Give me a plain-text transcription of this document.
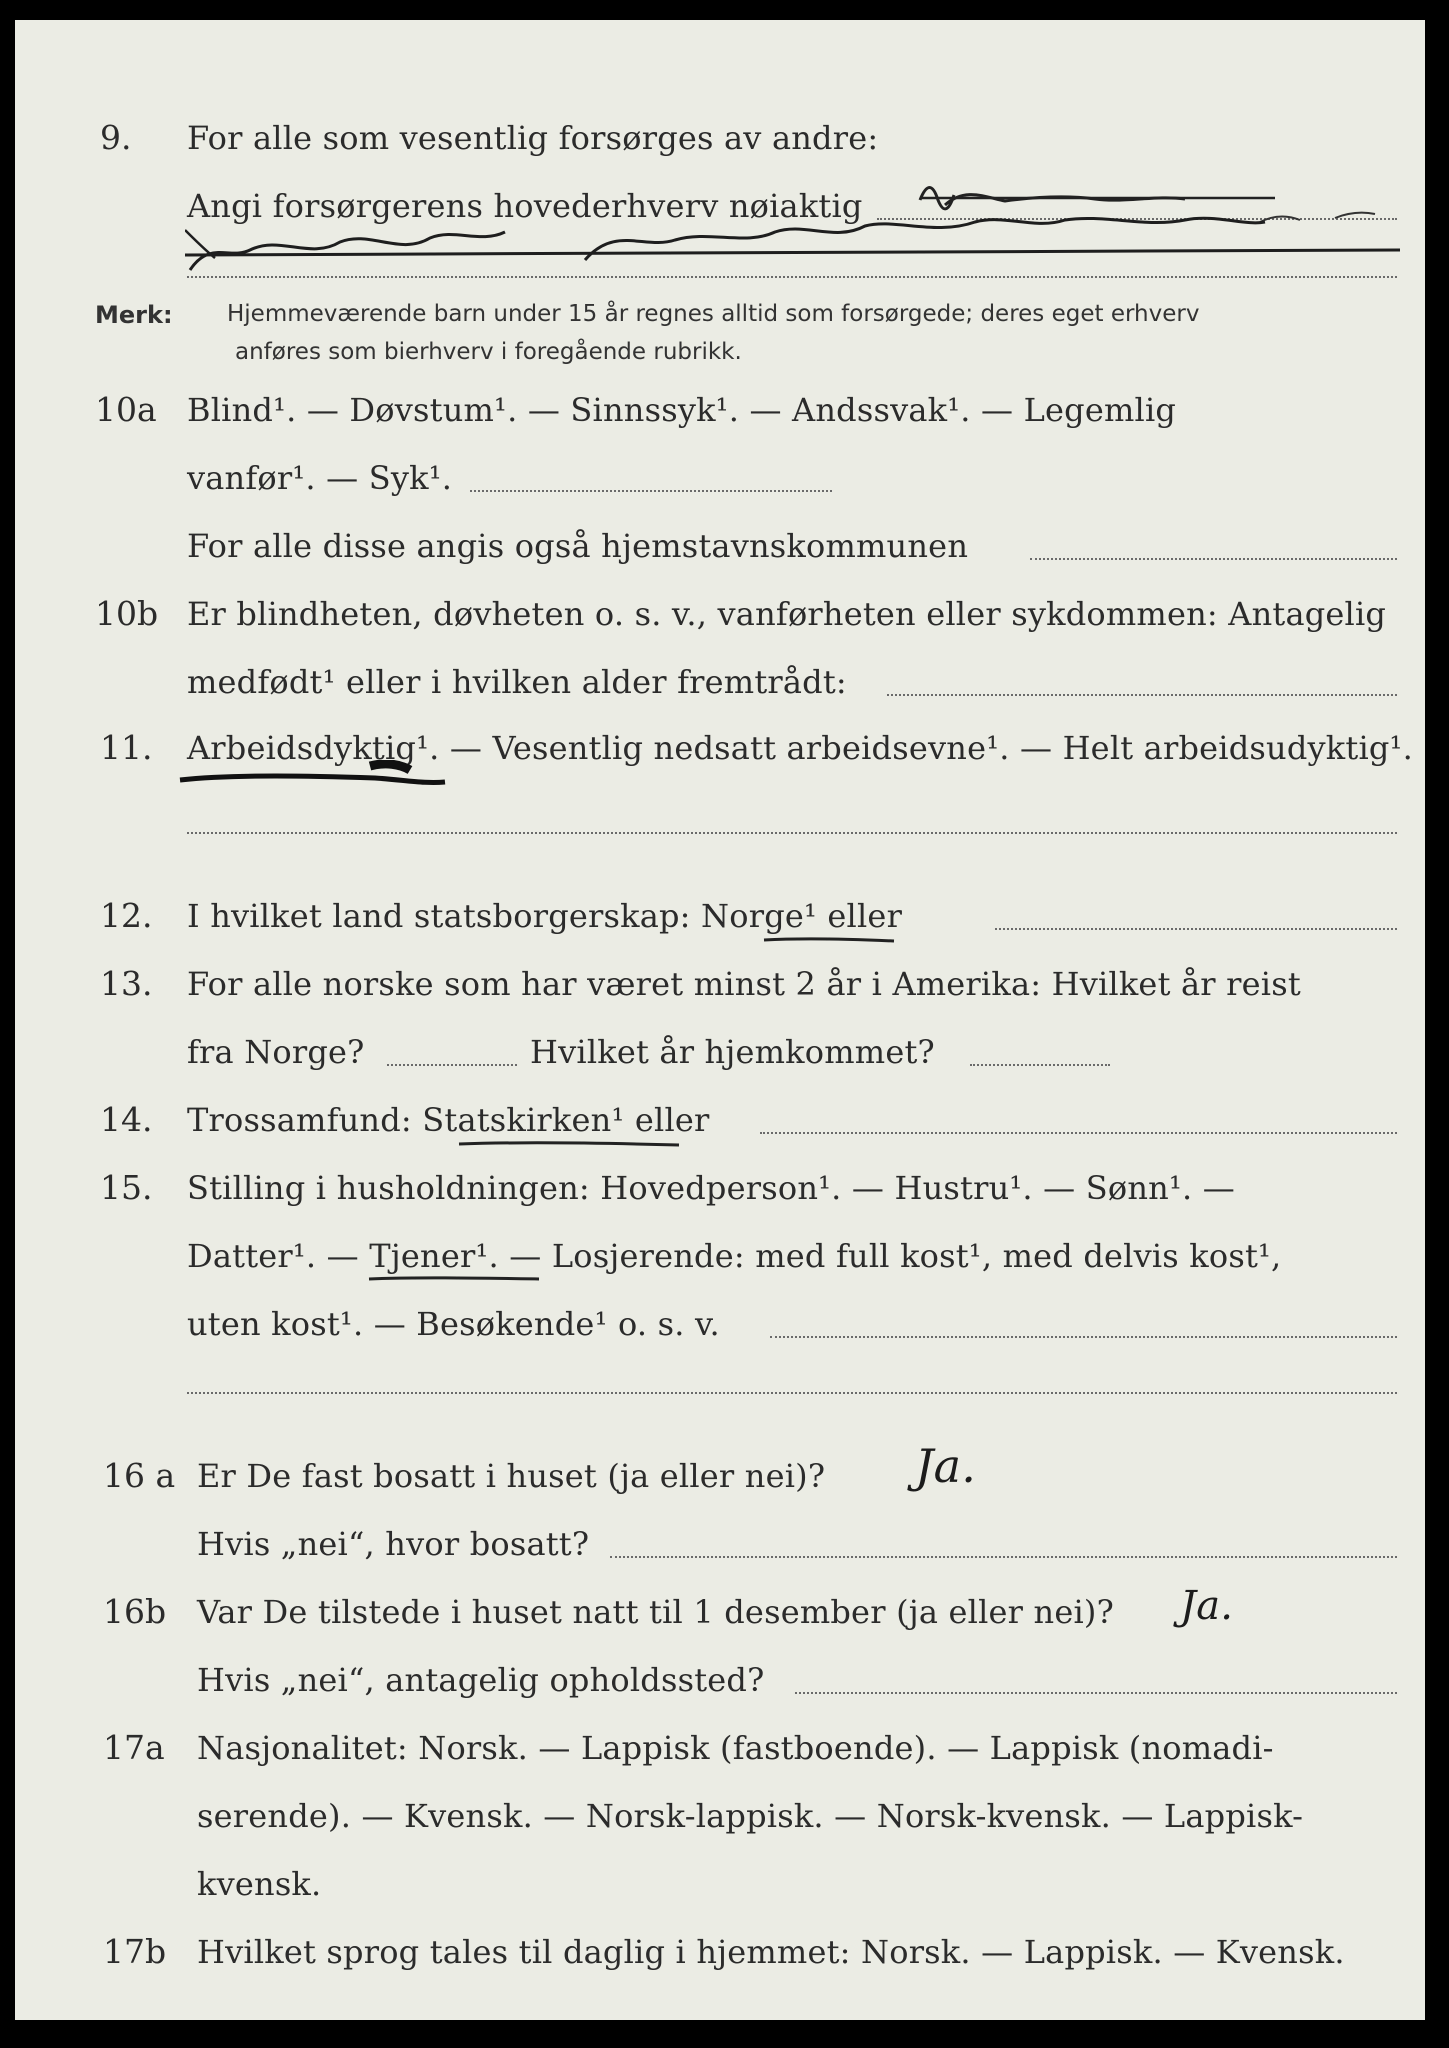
9. For alle som vesentlig forsørges av andre:
Angi forsørgerens hovederhverv nøiaktig
Merk: Hjemmeværende barn under 15 år regnes alltid som forsørgede; deres eget erhverv
anføres som bierhverv i foregående rubrikk.
10a Blind¹. — Døvstum¹. — Sinnssyk¹. — Andssvak¹. — Legemlig
vanfør¹. — Syk¹.
For alle disse angis også hjemstavnskommunen
10b Er blindheten, døvheten o. s. v., vanførheten eller sykdommen: Antagelig
medfødt¹ eller i hvilken alder fremtrådt:
11. Arbeidsdyktig¹. — Vesentlig nedsatt arbeidsevne¹. — Helt arbeidsudyktig¹.
12. I hvilket land statsborgerskap: Norge¹ eller
13. For alle norske som har været minst 2 år i Amerika: Hvilket år reist
fra Norge?	Hvilket år hjemkommet?
14. Trossamfund: Statskirken¹ eller
15. Stilling i husholdningen: Hovedperson¹. — Hustru¹. — Sønn¹. —
Datter¹. — Tjener¹. — Losjerende: med full kost¹, med delvis kost¹,
uten kost¹. — Besøkende¹ o. s. v.
16 a Er De fast bosatt i huset (ja eller nei)? Ja.
Hvis „nei“, hvor bosatt?
16b Var De tilstede i huset natt til 1 desember (ja eller nei)? Ja.
Hvis „nei“, antagelig opholdssted?
17a Nasjonalitet: Norsk. — Lappisk (fastboende). — Lappisk (nomadi-
serende). — Kvensk. — Norsk-lappisk. — Norsk-kvensk. — Lappisk-
kvensk.
17b Hvilket sprog tales til daglig i hjemmet: Norsk. — Lappisk. — Kvensk.
